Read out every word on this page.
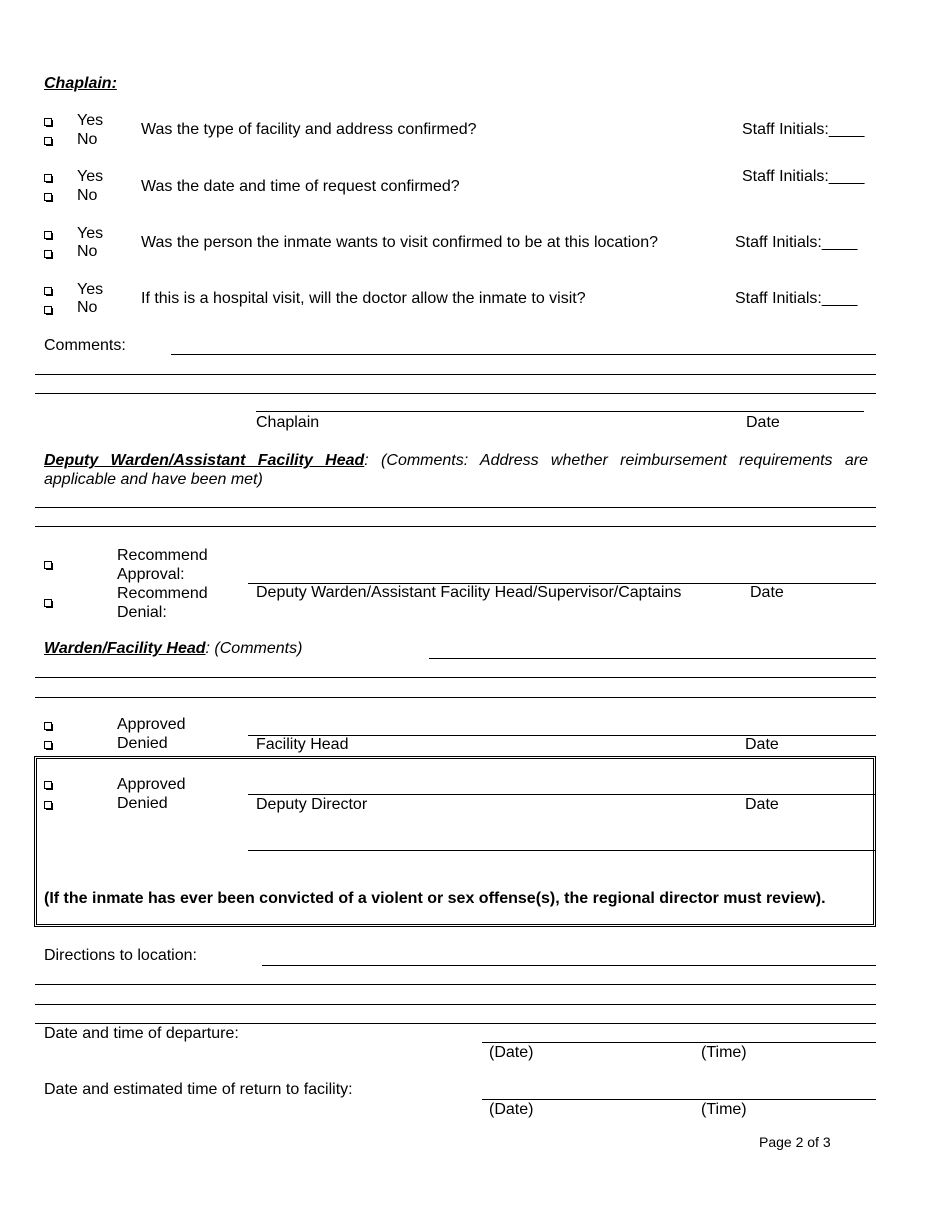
Chaplain:
Yes
No
Was the type of facility and address confirmed?	Staff Initials:____
Yes
No
Was the date and time of request confirmed?
Staff Initials:____
Yes
No
Was the person the inmate wants to visit confirmed to be at this location?	Staff Initials:____
Yes
No
If this is a hospital visit, will the doctor allow the inmate to visit?	Staff Initials:____
Comments:
Chaplain	Date
Deputy Warden/Assistant Facility Head: (Comments: Address whether reimbursement requirements are applicable and have been met)
Recommend Approval:
Recommend Denial:
Deputy Warden/Assistant Facility Head/Supervisor/Captains	Date
Warden/Facility Head: (Comments)
Approved
Denied	Facility Head	Date
Approved
Denied	Deputy Director	Date
(If the inmate has ever been convicted of a violent or sex offense(s), the regional director must review).
Directions to location:
Date and time of departure:
(Date)	(Time)
Date and estimated time of return to facility:
(Date)	(Time)
Page 2 of 3
